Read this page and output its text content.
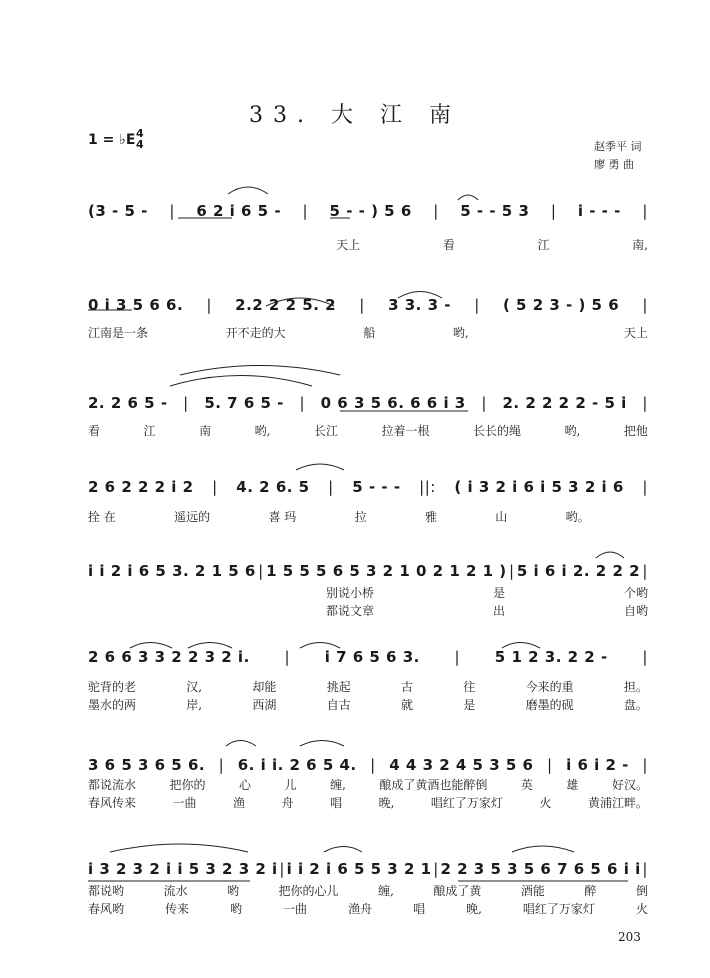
33. 大 江 南
1 = ♭E 4
4	赵季平 词
廖 勇 曲
(3 - 5 - | 6 2 i 6 5 - | 5 - - ) 5 6 | 5 - - 5 3 | i - - - |
天上	看	江	南,
0 i 3 5 6 6. | 2.2 2 2 5. 2 | 3 3. 3 - | ( 5 2 3 - ) 5 6 |
江南是一条	开不走的大	船	哟,	天上
2. 2 6 5 - | 5. 7 6 5 - | 0 6 3 5 6. 6 6 i 3 | 2. 2 2 2 2 - 5 i |
看	江	南	哟,	长江	拉着一根	长长的绳	哟,	把他
2 6 2 2 2 i 2 | 4. 2 6. 5 | 5 - - - ||: ( i 3 2 i 6 i 5 3 2 i 6 |
拴 在	遥远的	喜 玛	拉	雅	山	哟。
i i 2 i 6 5 3. 2 1 5 6 | 1 5 5 5 6 5 3 2 1 0 2 1 2 1 ) | 5 i 6 i 2. 2 2 2 |
别说小桥	是	个哟
都说文章	出	自哟
2 6 6 3 3 2 2 3 2 i. | i 7 6 5 6 3. | 5 1 2 3. 2 2 - |
驼背的老	汉,	却能	挑起	古	往	今来的重	担。
墨水的两	岸,	西湖	自古	就	是	磨墨的砚	盘。
3 6 5 3 6 5 6. | 6. i i. 2 6 5 4. | 4 4 3 2 4 5 3 5 6 | i 6 i 2 - |
都说流水	把你的	心	儿	缠,	酿成了黄酒也能醉倒	英	雄	好汉。
春风传来	一曲	渔	舟	唱	晚,	唱红了万家灯	火	黄浦江畔。
i 3 2 3 2 i i 5 3 2 3 2 i | i i 2 i 6 5 5 3 2 1 | 2 2 3 5 3 5 6 7 6 5 6 i i |
都说哟	流水	哟	把你的心儿	缠,	酿成了黄	酒能	醉	倒
春风哟	传来	哟	一曲	渔舟	唱	晚,	唱红了万家灯	火
203
